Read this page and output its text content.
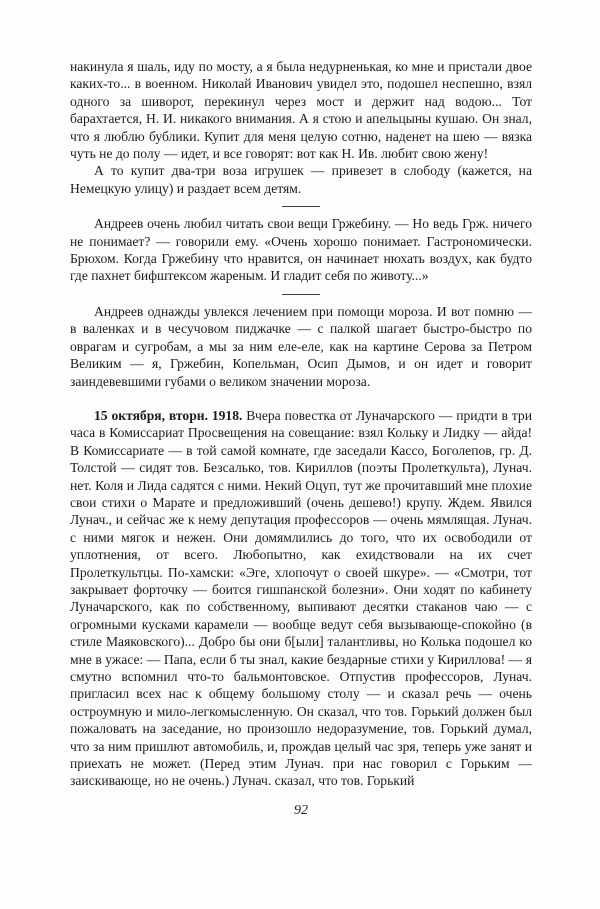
накинула я шаль, иду по мосту, а я была недурненькая, ко мне и пристали двое каких-то... в военном. Николай Иванович увидел это, подошел неспешно, взял одного за шиворот, перекинул через мост и держит над водою... Тот барахтается, Н. И. никакого внимания. А я стою и апельцыны кушаю. Он знал, что я люблю бублики. Купит для меня целую сотню, наденет на шею — вязка чуть не до полу — идет, и все говорят: вот как Н. Ив. любит свою жену!

А то купит два-три воза игрушек — привезет в слободу (кажется, на Немецкую улицу) и раздает всем детям.

Андреев очень любил читать свои вещи Гржебину. — Но ведь Грж. ничего не понимает? — говорили ему. «Очень хорошо понимает. Гастрономически. Брюхом. Когда Гржебину что нравится, он начинает нюхать воздух, как будто где пахнет бифштексом жареным. И гладит себя по животу...»

Андреев однажды увлекся лечением при помощи мороза. И вот помню — в валенках и в чесучовом пиджачке — с палкой шагает быстро-быстро по оврагам и сугробам, а мы за ним еле-еле, как на картине Серова за Петром Великим — я, Гржебин, Копельман, Осип Дымов, и он идет и говорит заиндевевшими губами о великом значении мороза.

15 октября, вторн. 1918. Вчера повестка от Луначарского — придти в три часа в Комиссариат Просвещения на совещание: взял Кольку и Лидку — айда! В Комиссариате — в той самой комнате, где заседали Кассо, Боголепов, гр. Д. Толстой — сидят тов. Безсалько, тов. Кириллов (поэты Пролеткульта), Лунач. нет. Коля и Лида садятся с ними. Некий Оцуп, тут же прочитавший мне плохие свои стихи о Марате и предложивший (очень дешево!) крупу. Ждем. Явился Лунач., и сейчас же к нему депутация профессоров — очень мямлящая. Лунач. с ними мягок и нежен. Они домямлились до того, что их освободили от уплотнения, от всего. Любопытно, как ехидствовали на их счет Пролеткультцы. По-хамски: «Эге, хлопочут о своей шкуре». — «Смотри, тот закрывает форточку — боится гишпанской болезни». Они ходят по кабинету Луначарского, как по собственному, выпивают десятки стаканов чаю — с огромными кусками карамели — вообще ведут себя вызывающе-спокойно (в стиле Маяковского)... Добро бы они б[ыли] талантливы, но Колька подошел ко мне в ужасе: — Папа, если б ты знал, какие бездарные стихи у Кириллова! — я смутно вспомнил что-то бальмонтовское. Отпустив профессоров, Лунач. пригласил всех нас к общему большому столу — и сказал речь — очень остроумную и мило-легкомысленную. Он сказал, что тов. Горький должен был пожаловать на заседание, но произошло недоразумение, тов. Горький думал, что за ним пришлют автомобиль, и, прождав целый час зря, теперь уже занят и приехать не может. (Перед этим Лунач. при нас говорил с Горьким — заискивающе, но не очень.) Лунач. сказал, что тов. Горький

92
